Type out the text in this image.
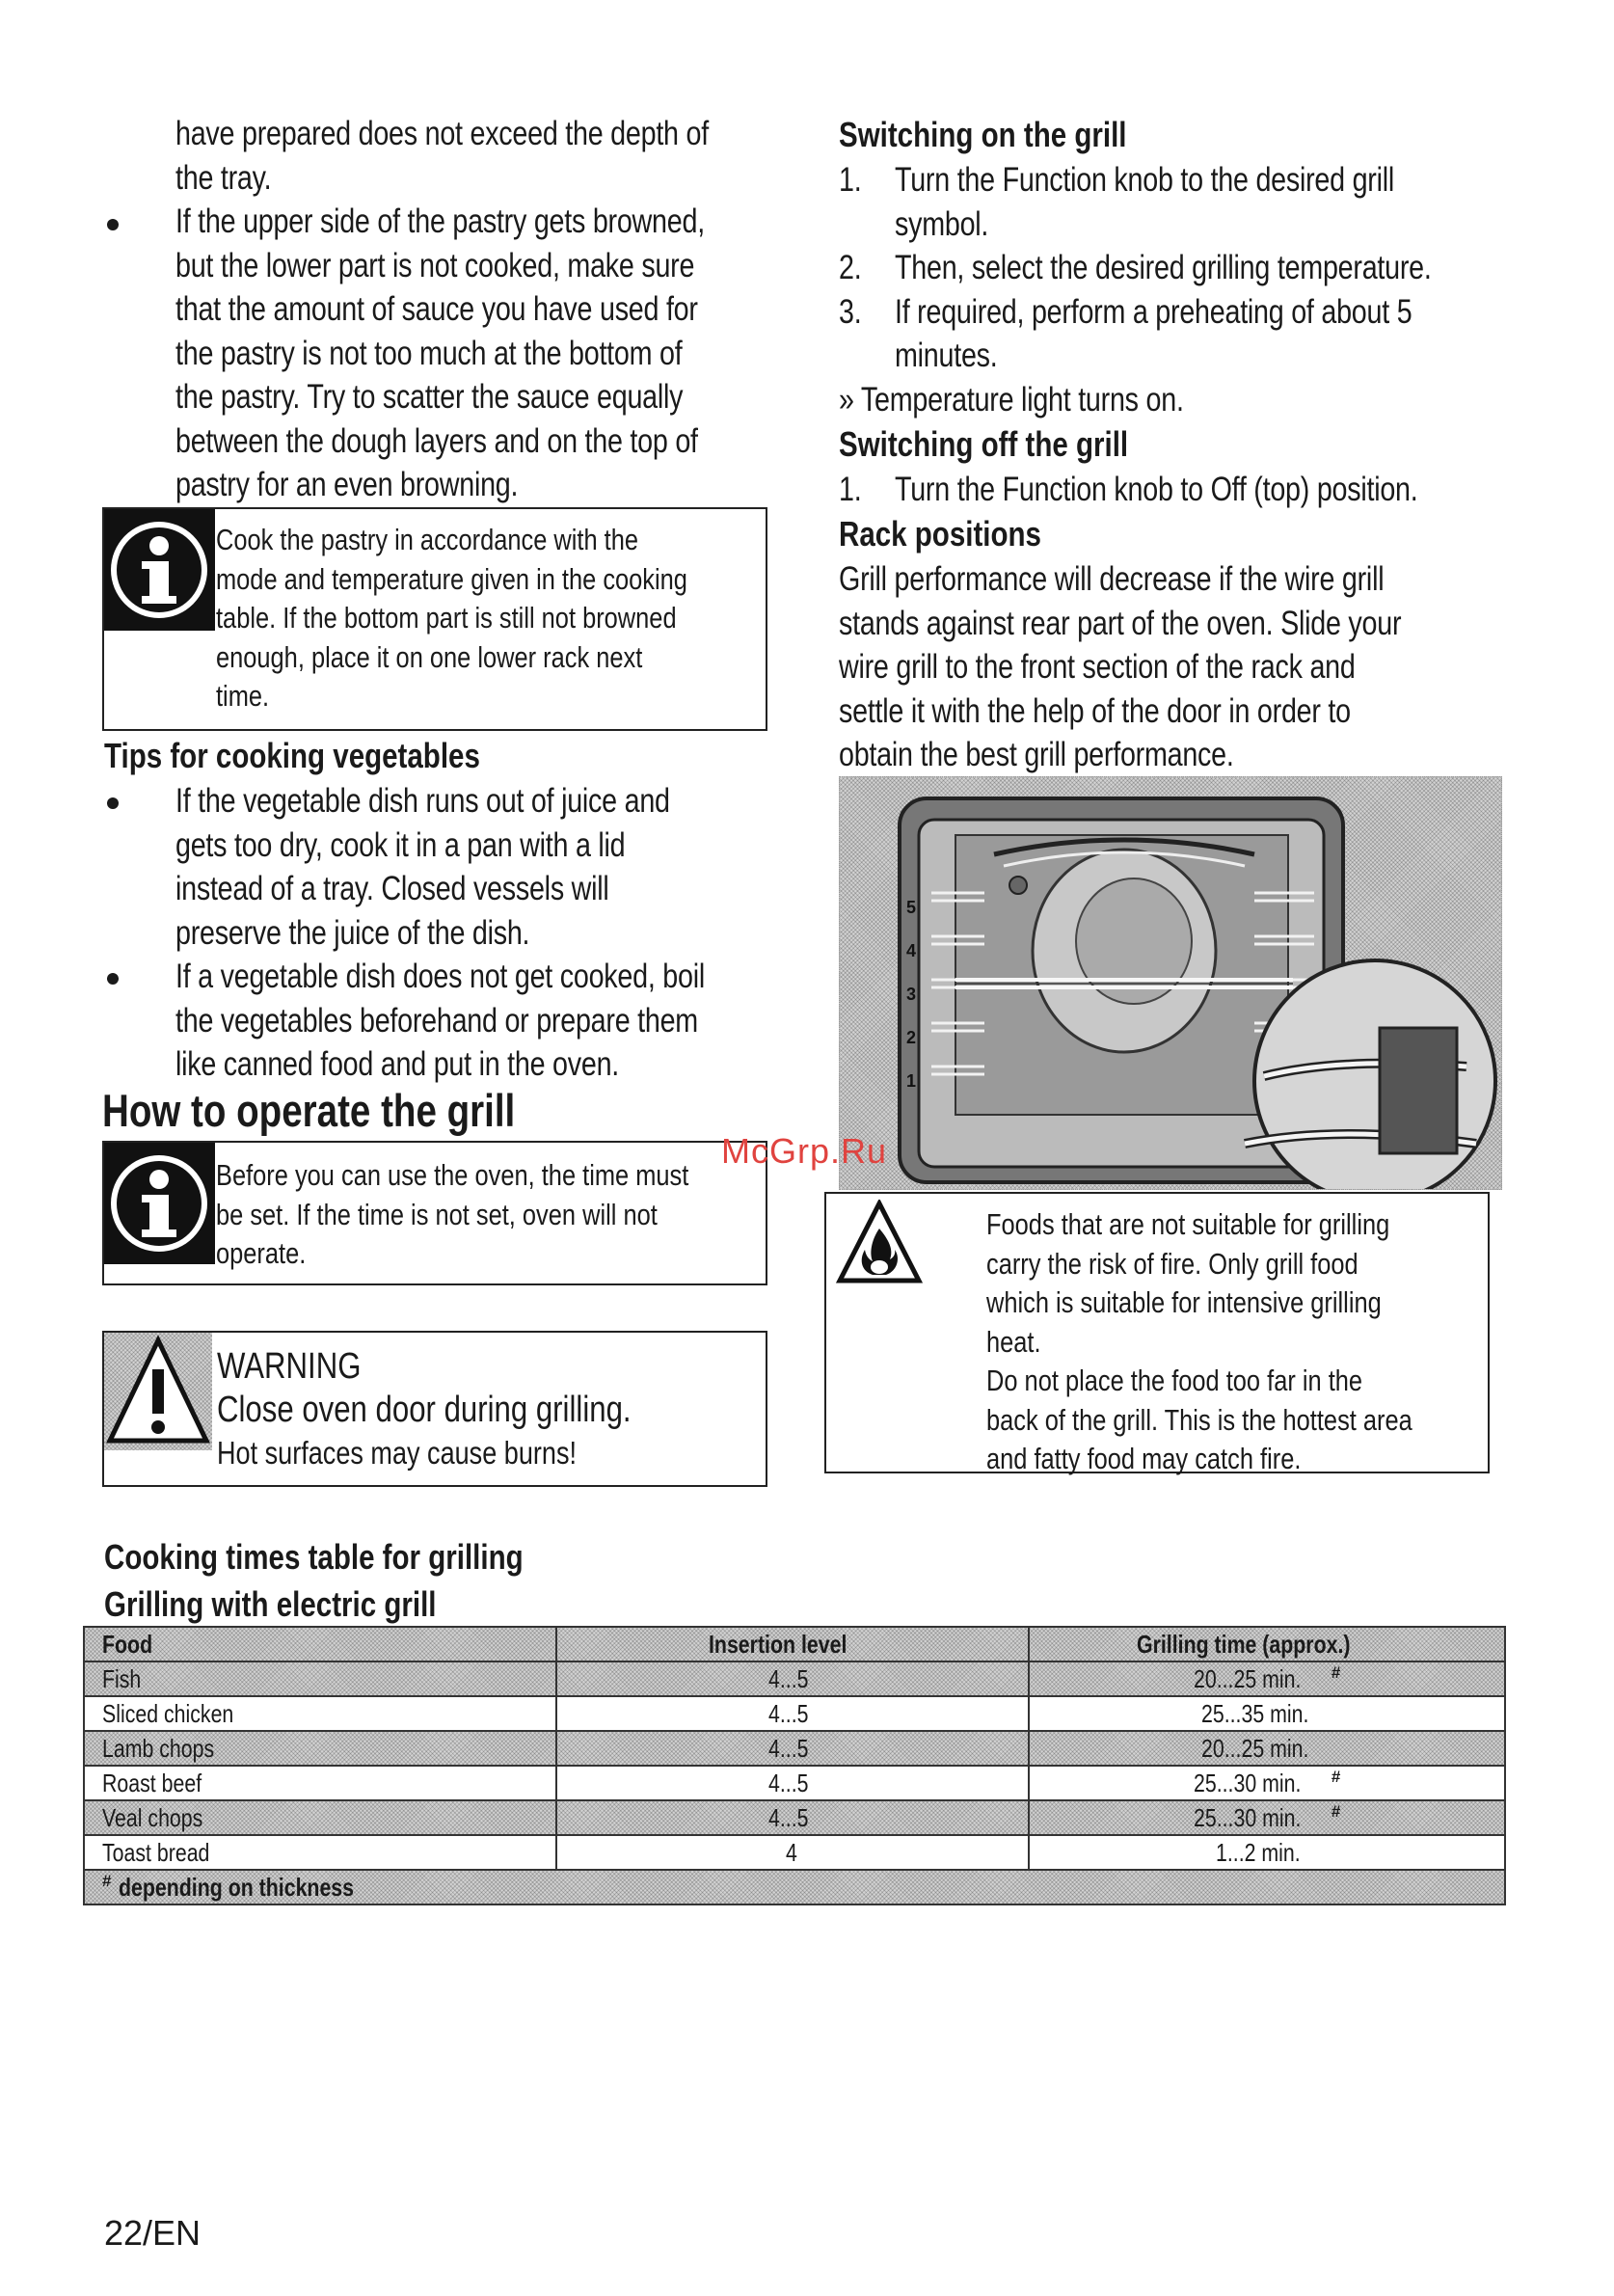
have prepared does not exceed the depth of
the tray.
If the upper side of the pastry gets browned,
but the lower part is not cooked, make sure
that the amount of sauce you have used for
the pastry is not too much at the bottom of
the pastry. Try to scatter the sauce equally
between the dough layers and on the top of
pastry for an even browning.
Cook the pastry in accordance with the
mode and temperature given in the cooking
table. If the bottom part is still not browned
enough, place it on one lower rack next
time.
Tips for cooking vegetables
If the vegetable dish runs out of juice and
gets too dry, cook it in a pan with a lid
instead of a tray. Closed vessels will
preserve the juice of the dish.
If a vegetable dish does not get cooked, boil
the vegetables beforehand or prepare them
like canned food and put in the oven.
How to operate the grill
Before you can use the oven, the time must
be set. If the time is not set, oven will not
operate.
WARNING
Close oven door during grilling.
Hot surfaces may cause burns!
Switching on the grill
1. Turn the Function knob to the desired grill
symbol.
2. Then, select the desired grilling temperature.
3. If required, perform a preheating of about 5
minutes.
» Temperature light turns on.
Switching off the grill
1. Turn the Function knob to Off (top) position.
Rack positions
Grill performance will decrease if the wire grill
stands against rear part of the oven. Slide your
wire grill to the front section of the rack and
settle it with the help of the door in order to
obtain the best grill performance.
5
4
3
2
1
McGrp.Ru
Foods that are not suitable for grilling
carry the risk of fire. Only grill food
which is suitable for intensive grilling
heat.
Do not place the food too far in the
back of the grill. This is the hottest area
and fatty food may catch fire.
Cooking times table for grilling
Grilling with electric grill
Food	Insertion level	Grilling time (approx.)
Fish	4...5	20...25 min. #
Sliced chicken	4...5	25...35 min.
Lamb chops	4...5	20...25 min.
Roast beef	4...5	25...30 min. #
Veal chops	4...5	25...30 min. #
Toast bread	4	1...2 min.
# depending on thickness		
22/EN
